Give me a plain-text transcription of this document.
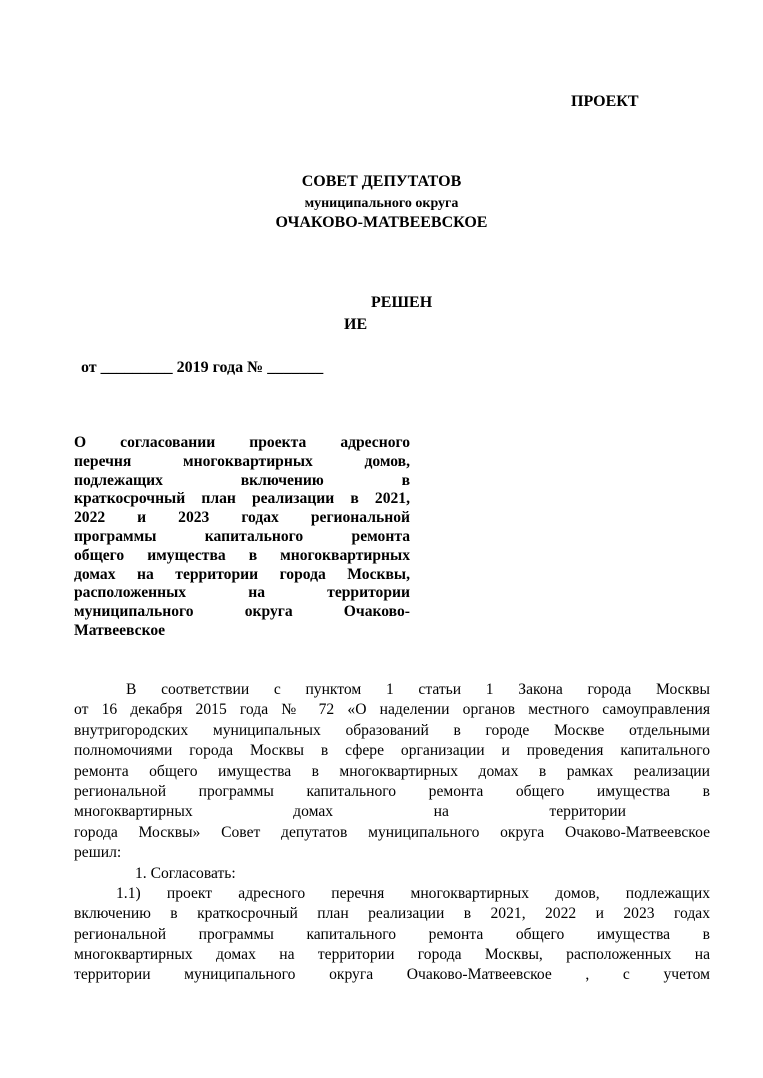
ПРОЕКТ
СОВЕТ ДЕПУТАТОВ
муниципального округа
ОЧАКОВО-МАТВЕЕВСКОЕ
РЕШЕН
ИЕ
от _________ 2019 года № _______
О согласовании проекта адресного
перечня многоквартирных домов,
подлежащих включению в
краткосрочный план реализации в 2021,
2022 и 2023 годах региональной
программы капитального ремонта
общего имущества в многоквартирных
домах на территории города Москвы,
расположенных на территории
муниципального округа Очаково-
Матвеевское
В соответствии с пунктом 1 статьи 1 Закона города Москвы
от 16 декабря 2015 года № 72 «О наделении органов местного самоуправления
внутригородских муниципальных образований в городе Москве отдельными
полномочиями города Москвы в сфере организации и проведения капитального
ремонта общего имущества в многоквартирных домах в рамках реализации
региональной программы капитального ремонта общего имущества в
многоквартирных домах на территории
города Москвы» Совет депутатов муниципального округа Очаково-Матвеевское
решил:
1. Согласовать:
1.1) проект адресного перечня многоквартирных домов, подлежащих
включению в краткосрочный план реализации в 2021, 2022 и 2023 годах
региональной программы капитального ремонта общего имущества в
многоквартирных домах на территории города Москвы, расположенных на
территории муниципального округа Очаково-Матвеевское , с учетом
